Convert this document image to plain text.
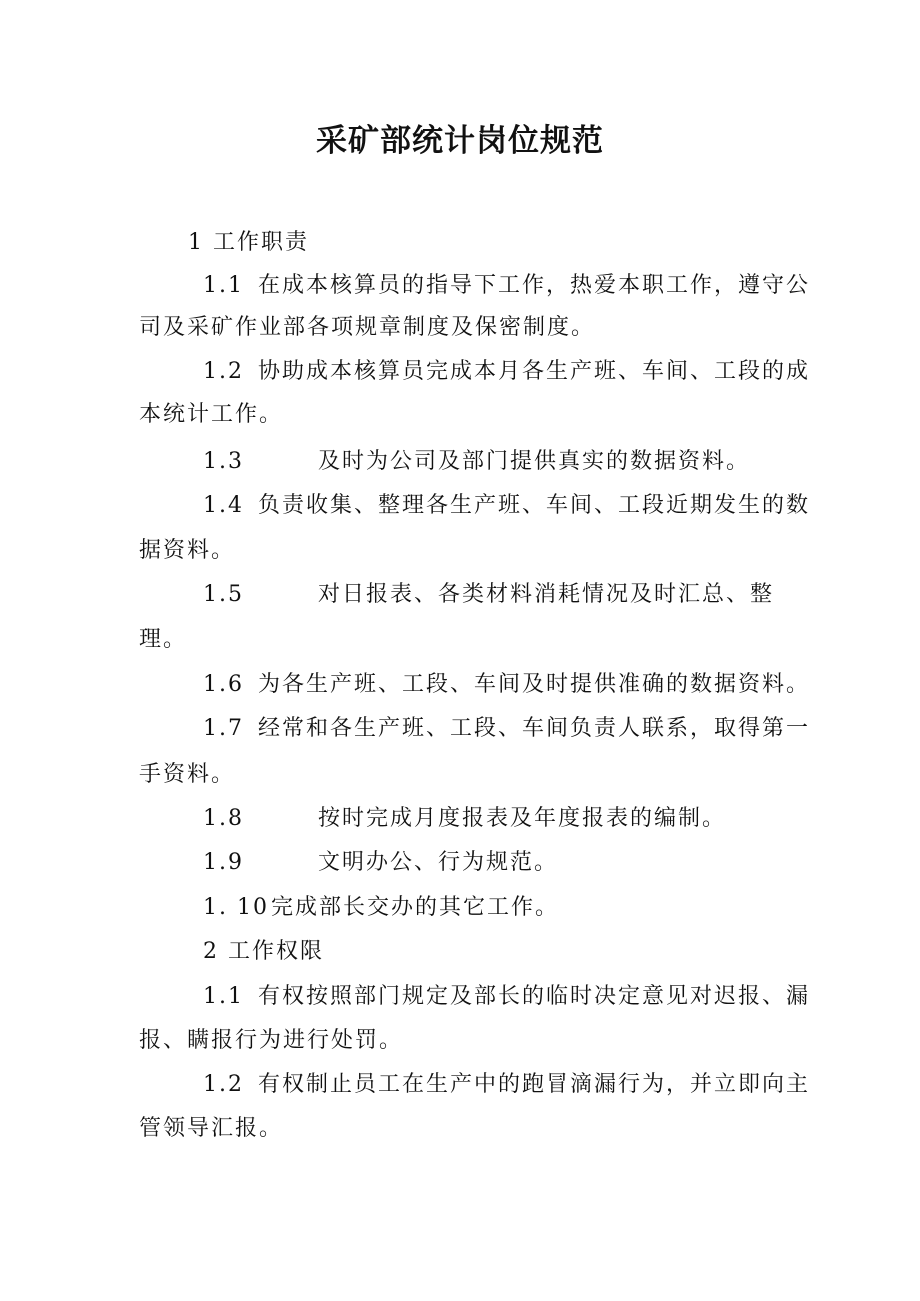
采矿部统计岗位规范
1 工作职责
1.1 在成本核算员的指导下工作，热爱本职工作，遵守公
司及采矿作业部各项规章制度及保密制度。
1.2 协助成本核算员完成本月各生产班、车间、工段的成
本统计工作。
1.3	及时为公司及部门提供真实的数据资料。
1.4 负责收集、整理各生产班、车间、工段近期发生的数
据资料。
1.5	对日报表、各类材料消耗情况及时汇总、整
理。
1.6 为各生产班、工段、车间及时提供准确的数据资料。
1.7 经常和各生产班、工段、车间负责人联系，取得第一
手资料。
1.8	按时完成月度报表及年度报表的编制。
1.9	文明办公、行为规范。
1. 10完成部长交办的其它工作。
2 工作权限
1.1 有权按照部门规定及部长的临时决定意见对迟报、漏
报、瞒报行为进行处罚。
1.2 有权制止员工在生产中的跑冒滴漏行为，并立即向主
管领导汇报。
